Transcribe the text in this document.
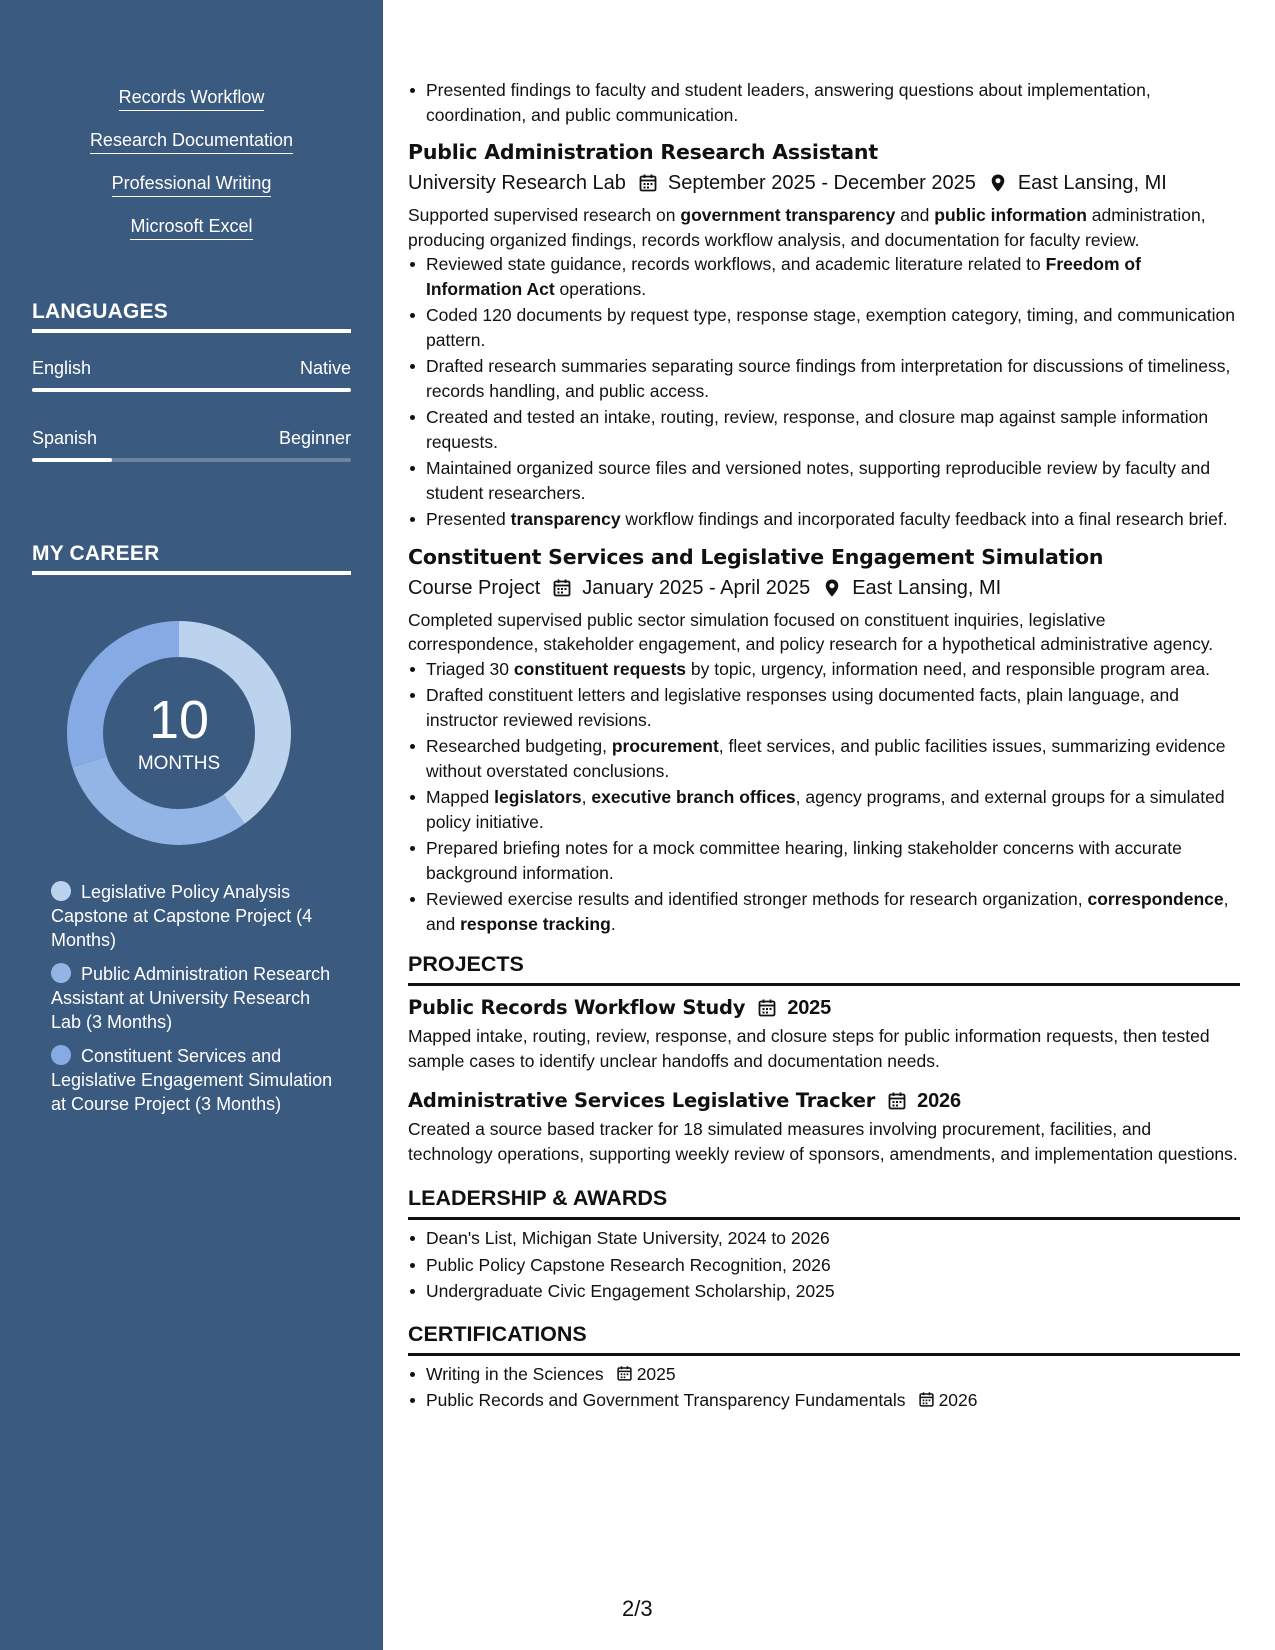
Records Workflow
Research Documentation
Professional Writing
Microsoft Excel
LANGUAGES
English	Native
Spanish	Beginner
MY CAREER
10
MONTHS
Legislative Policy Analysis Capstone at Capstone Project (4 Months)
Public Administration Research Assistant at University Research Lab (3 Months)
Constituent Services and Legislative Engagement Simulation at Course Project (3 Months)
Presented findings to faculty and student leaders, answering questions about implementation, coordination, and public communication.
Public Administration Research Assistant
University Research Lab September 2025 - December 2025 East Lansing, MI
Supported supervised research on government transparency and public information administration, producing organized findings, records workflow analysis, and documentation for faculty review.
Reviewed state guidance, records workflows, and academic literature related to Freedom of Information Act operations.
Coded 120 documents by request type, response stage, exemption category, timing, and communication pattern.
Drafted research summaries separating source findings from interpretation for discussions of timeliness, records handling, and public access.
Created and tested an intake, routing, review, response, and closure map against sample information requests.
Maintained organized source files and versioned notes, supporting reproducible review by faculty and student researchers.
Presented transparency workflow findings and incorporated faculty feedback into a final research brief.
Constituent Services and Legislative Engagement Simulation
Course Project January 2025 - April 2025 East Lansing, MI
Completed supervised public sector simulation focused on constituent inquiries, legislative correspondence, stakeholder engagement, and policy research for a hypothetical administrative agency.
Triaged 30 constituent requests by topic, urgency, information need, and responsible program area.
Drafted constituent letters and legislative responses using documented facts, plain language, and instructor reviewed revisions.
Researched budgeting, procurement, fleet services, and public facilities issues, summarizing evidence without overstated conclusions.
Mapped legislators, executive branch offices, agency programs, and external groups for a simulated policy initiative.
Prepared briefing notes for a mock committee hearing, linking stakeholder concerns with accurate background information.
Reviewed exercise results and identified stronger methods for research organization, correspondence, and response tracking.
PROJECTS
Public Records Workflow Study 2025
Mapped intake, routing, review, response, and closure steps for public information requests, then tested sample cases to identify unclear handoffs and documentation needs.
Administrative Services Legislative Tracker 2026
Created a source based tracker for 18 simulated measures involving procurement, facilities, and technology operations, supporting weekly review of sponsors, amendments, and implementation questions.
LEADERSHIP & AWARDS
Dean's List, Michigan State University, 2024 to 2026
Public Policy Capstone Research Recognition, 2026
Undergraduate Civic Engagement Scholarship, 2025
CERTIFICATIONS
Writing in the Sciences 2025
Public Records and Government Transparency Fundamentals 2026
2/3
